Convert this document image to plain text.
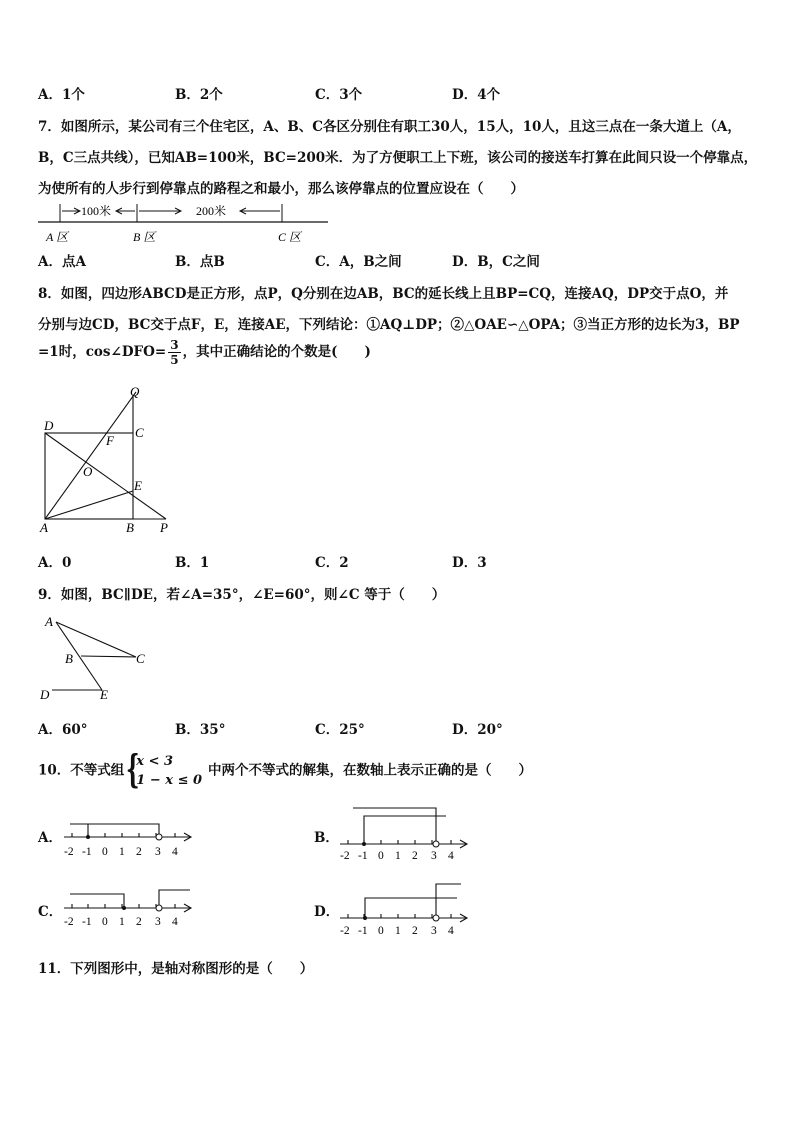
A．1个	B．2个	C．3个	D．4个
7．如图所示，某公司有三个住宅区，A、B、C各区分别住有职工30人，15人，10人，且这三点在一条大道上（A，
B，C三点共线），已知AB=100米，BC=200米．为了方便职工上下班，该公司的接送车打算在此间只设一个停靠点，
为使所有的人步行到停靠点的路程之和最小，那么该停靠点的位置应设在（　　）
100米	200米
A 区	B 区	C 区
A．点A	B．点B	C．A，B之间	D．B，C之间
8．如图，四边形ABCD是正方形，点P，Q分别在边AB，BC的延长线上且BP=CQ，连接AQ，DP交于点O，并
分别与边CD，BC交于点F，E，连接AE，下列结论：①AQ⊥DP；②△OAE∽△OPA；③当正方形的边长为3，BP
=1时，cos∠DFO= $\frac{3}{5}$ ，其中正确结论的个数是(　　)
D	C
Q
F
O
E
A	B P
A．0	B．1	C．2	D．3
9．如图，BC∥DE，若∠A=35°，∠E=60°，则∠C 等于（　　）
A
B	C
D	E
A．60°	B．35°	C．25°	D．20°
10．不等式组 {
x < 3
1 − x ≤ 0
中两个不等式的解集，在数轴上表示正确的是（　　）
A．
-2 -1 0 1 2 3 4
B．
-2 -1 0 1 2 3 4
C．
-2 -1 0 1 2 3 4
D．
-2 -1 0 1 2 3 4
11．下列图形中，是轴对称图形的是（　　）
